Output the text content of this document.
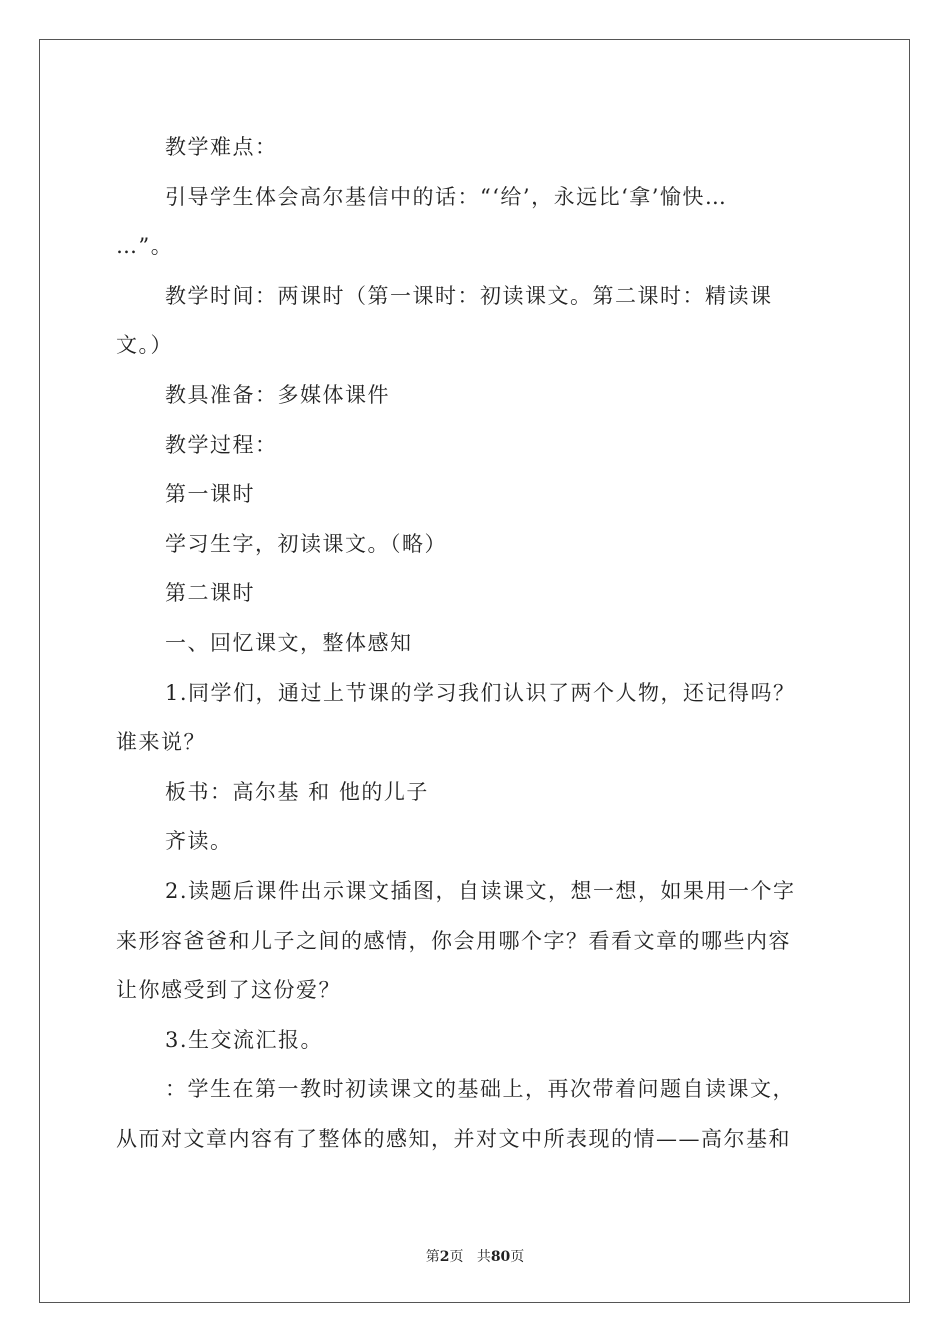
教学难点：
引导学生体会高尔基信中的话：“‘给’，永远比‘拿’愉快…
…”。
教学时间：两课时（第一课时：初读课文。第二课时：精读课
文。）
教具准备：多媒体课件
教学过程：
第一课时
学习生字，初读课文。（略）
第二课时
一、回忆课文，整体感知
1.同学们，通过上节课的学习我们认识了两个人物，还记得吗？
谁来说？
板书：高尔基 和 他的儿子
齐读。
2.读题后课件出示课文插图，自读课文，想一想，如果用一个字
来形容爸爸和儿子之间的感情，你会用哪个字？看看文章的哪些内容
让你感受到了这份爱？
3.生交流汇报。
：学生在第一教时初读课文的基础上，再次带着问题自读课文，
从而对文章内容有了整体的感知，并对文中所表现的情——高尔基和
第2页 共80页
